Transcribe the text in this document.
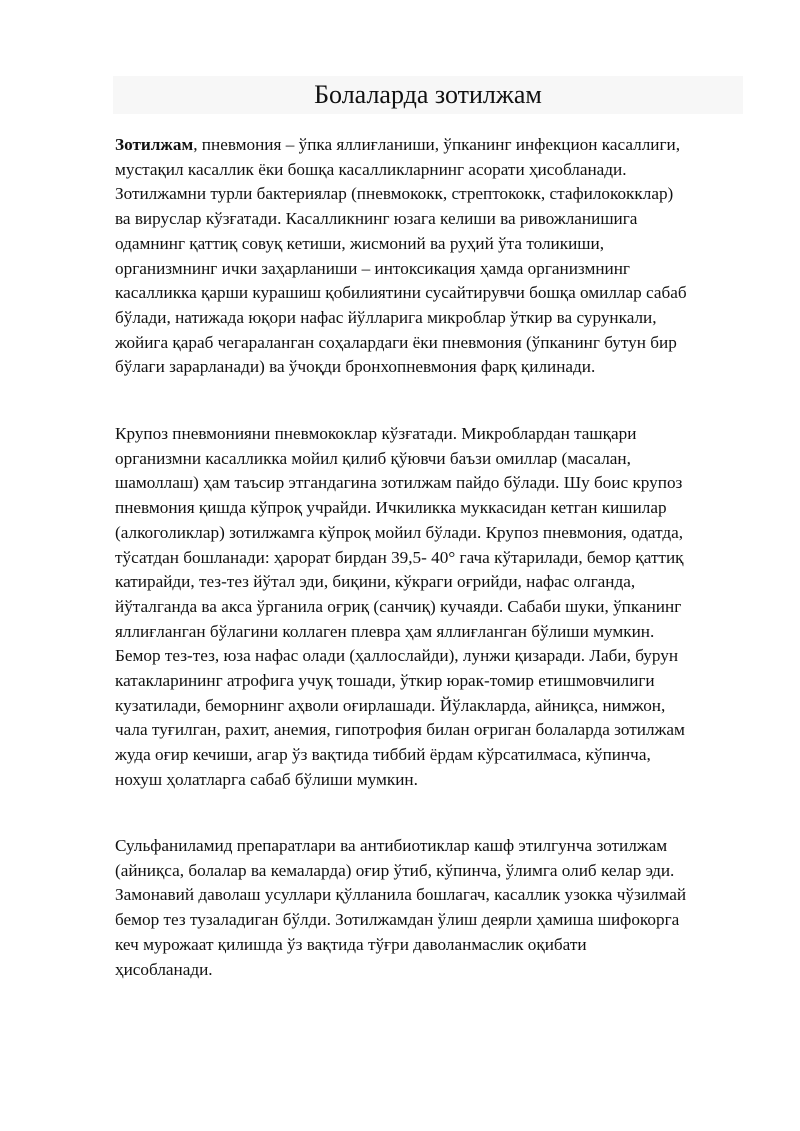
Болаларда зотилжам

Зотилжам, пневмония – ўпка яллиғланиши, ўпканинг инфекцион касаллиги,
мустақил касаллик ёки бошқа касалликларнинг асорати ҳисобланади.
Зотилжамни турли бактериялар (пневмококк, стрептококк, стафилококклар)
ва вируслар кўзғатади. Касалликнинг юзага келиши ва ривожланишига
одамнинг қаттиқ совуқ кетиши, жисмоний ва руҳий ўта толикиши,
организмнинг ички заҳарланиши – интоксикация ҳамда организмнинг
касалликка қарши курашиш қобилиятини сусайтирувчи бошқа омиллар сабаб
бўлади, натижада юқори нафас йўлларига микроблар ўткир ва сурункали,
жойига қараб чегараланган соҳалардаги ёки пневмония (ўпканинг бутун бир
бўлаги зарарланади) ва ўчоқди бронхопневмония фарқ қилинади.

Крупоз пневмонияни пневмококлар кўзғатади. Микроблардан ташқари
организмни касалликка мойил қилиб қўювчи баъзи омиллар (масалан,
шамоллаш) ҳам таъсир этгандагина зотилжам пайдо бўлади. Шу боис крупоз
пневмония қишда кўпроқ учрайди. Ичкиликка муккасидан кетган кишилар
(алкоголиклар) зотилжамга кўпроқ мойил бўлади. Крупоз пневмония, одатда,
тўсатдан бошланади: ҳарорат бирдан 39,5- 40° гача кўтарилади, бемор қаттиқ
катирайди, тез-тез йўтал эди, биқини, кўкраги оғрийди, нафас олганда,
йўталганда ва акса ўрганила оғриқ (санчиқ) кучаяди. Сабаби шуки, ўпканинг
яллиғланган бўлагини коллаген плевра ҳам яллиғланган бўлиши мумкин.
Бемор тез-тез, юза нафас олади (ҳаллослайди), лунжи қизаради. Лаби, бурун
катакларининг атрофига учуқ тошади, ўткир юрак-томир етишмовчилиги
кузатилади, беморнинг аҳволи оғирлашади. Йўлакларда, айниқса, нимжон,
чала туғилган, рахит, анемия, гипотрофия билан оғриган болаларда зотилжам
жуда оғир кечиши, агар ўз вақтида тиббий ёрдам кўрсатилмаса, кўпинча,
нохуш ҳолатларга сабаб бўлиши мумкин.

Сульфаниламид препаратлари ва антибиотиклар кашф этилгунча зотилжам
(айниқса, болалар ва кемаларда) оғир ўтиб, кўпинча, ўлимга олиб келар эди.
Замонавий даволаш усуллари қўлланила бошлагач, касаллик узокка чўзилмай
бемор тез тузаладиган бўлди. Зотилжамдан ўлиш деярли ҳамиша шифокорга
кеч мурожаат қилишда ўз вақтида тўғри даволанмаслик оқибати
ҳисобланади.
